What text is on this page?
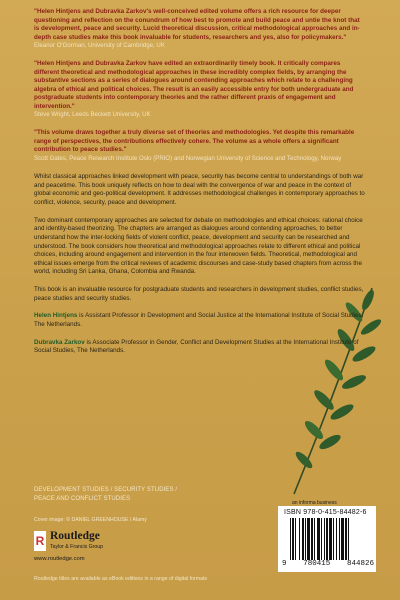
"Helen Hintjens and Dubravka Zarkov's well-conceived edited volume offers a rich resource for deeper questioning and reflection on the conundrum of how best to promote and build peace and untie the knot that is development, peace and security. Lucid theoretical discussion, critical methodological approaches and in-depth case studies make this book invaluable for students, researchers and yes, also for policymakers."
Eleanor O'Gorman, University of Cambridge, UK
"Helen Hintjens and Dubravka Zarkov have edited an extraordinarily timely book. It critically compares different theoretical and methodological approaches in these incredibly complex fields, by arranging the substantive sections as a series of dialogues around contending approaches which relate to a challenging algebra of ethical and political choices. The result is an easily accessible entry for both undergraduate and postgraduate students into contemporary theories and the rather different praxis of engagement and intervention."
Steve Wright, Leeds Beckett University, UK
"This volume draws together a truly diverse set of theories and methodologies. Yet despite this remarkable range of perspectives, the contributions effectively cohere. The volume as a whole offers a significant contribution to peace studies."
Scott Gates, Peace Research Institute Oslo (PRIO) and Norwegian University of Science and Technology, Norway

Whilst classical approaches linked development with peace, security has become central to understandings of both war and peacetime. This book uniquely reflects on how to deal with the convergence of war and peace in the context of global economic and geo-political development. It addresses methodological challenges in contemporary approaches to conflict, violence, security, peace and development.

Two dominant contemporary approaches are selected for debate on methodologies and ethical choices: rational choice and identity-based theorizing. The chapters are arranged as dialogues around contending approaches, to better understand how the inter-locking fields of violent conflict, peace, development and security can be researched and understood. The book considers how theoretical and methodological approaches relate to different ethical and political choices, including around engagement and intervention in the four interwoven fields. Theoretical, methodological and ethical issues emerge from the critical reviews of academic discourses and case-study based chapters from across the world, including Sri Lanka, Ghana, Colombia and Rwanda.

This book is an invaluable resource for postgraduate students and researchers in development studies, conflict studies, peace studies and security studies.

Helen Hintjens is Assistant Professor in Development and Social Justice at the International Institute of Social Studies, The Netherlands.

Dubravka Zarkov is Associate Professor in Gender, Conflict and Development Studies at the International Institute of Social Studies, The Netherlands.

DEVELOPMENT STUDIES / SECURITY STUDIES /
PEACE AND CONFLICT STUDIES
Cover image: © DANIEL GREENHOUSE / Alamy
R Routledge
Taylor & Francis Group
www.routledge.com
Routledge titles are available as eBook editions in a range of digital formats
an informa business
ISBN 978-0-415-84482-6
9 780415 844826
